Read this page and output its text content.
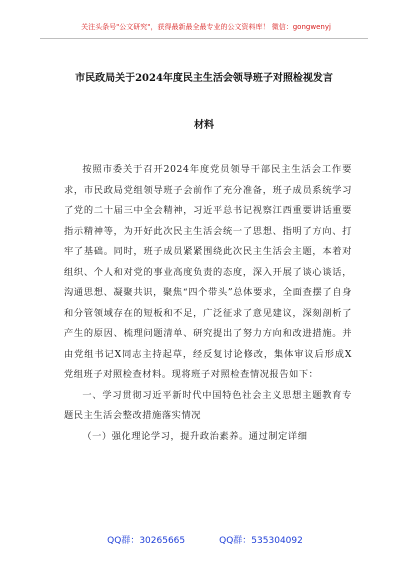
关注头条号"公文研究"，获得最新最全最专业的公文资料库！ 微信：gongwenyj
市民政局关于2024年度民主生活会领导班子对照检视发言
材料

按照市委关于召开2024年度党员领导干部民主生活会工作要求，市民政局党组领导班子会前作了充分准备，班子成员系统学习了党的二十届三中全会精神，习近平总书记视察江西重要讲话重要指示精神等，为开好此次民主生活会统一了思想、指明了方向、打牢了基础。同时，班子成员紧紧围绕此次民主生活会主题，本着对组织、个人和对党的事业高度负责的态度，深入开展了谈心谈话，沟通思想、凝聚共识，聚焦“四个带头”总体要求，全面查摆了自身和分管领域存在的短板和不足，广泛征求了意见建议，深刻剖析了产生的原因、梳理问题清单、研究提出了努力方向和改进措施。并由党组书记X同志主持起草，经反复讨论修改，集体审议后形成X党组班子对照检查材料。现将班子对照检查情况报告如下：

一、学习贯彻习近平新时代中国特色社会主义思想主题教育专题民主生活会整改措施落实情况

（一）强化理论学习，提升政治素养。通过制定详细

QQ群：30265665	QQ群：535304092
